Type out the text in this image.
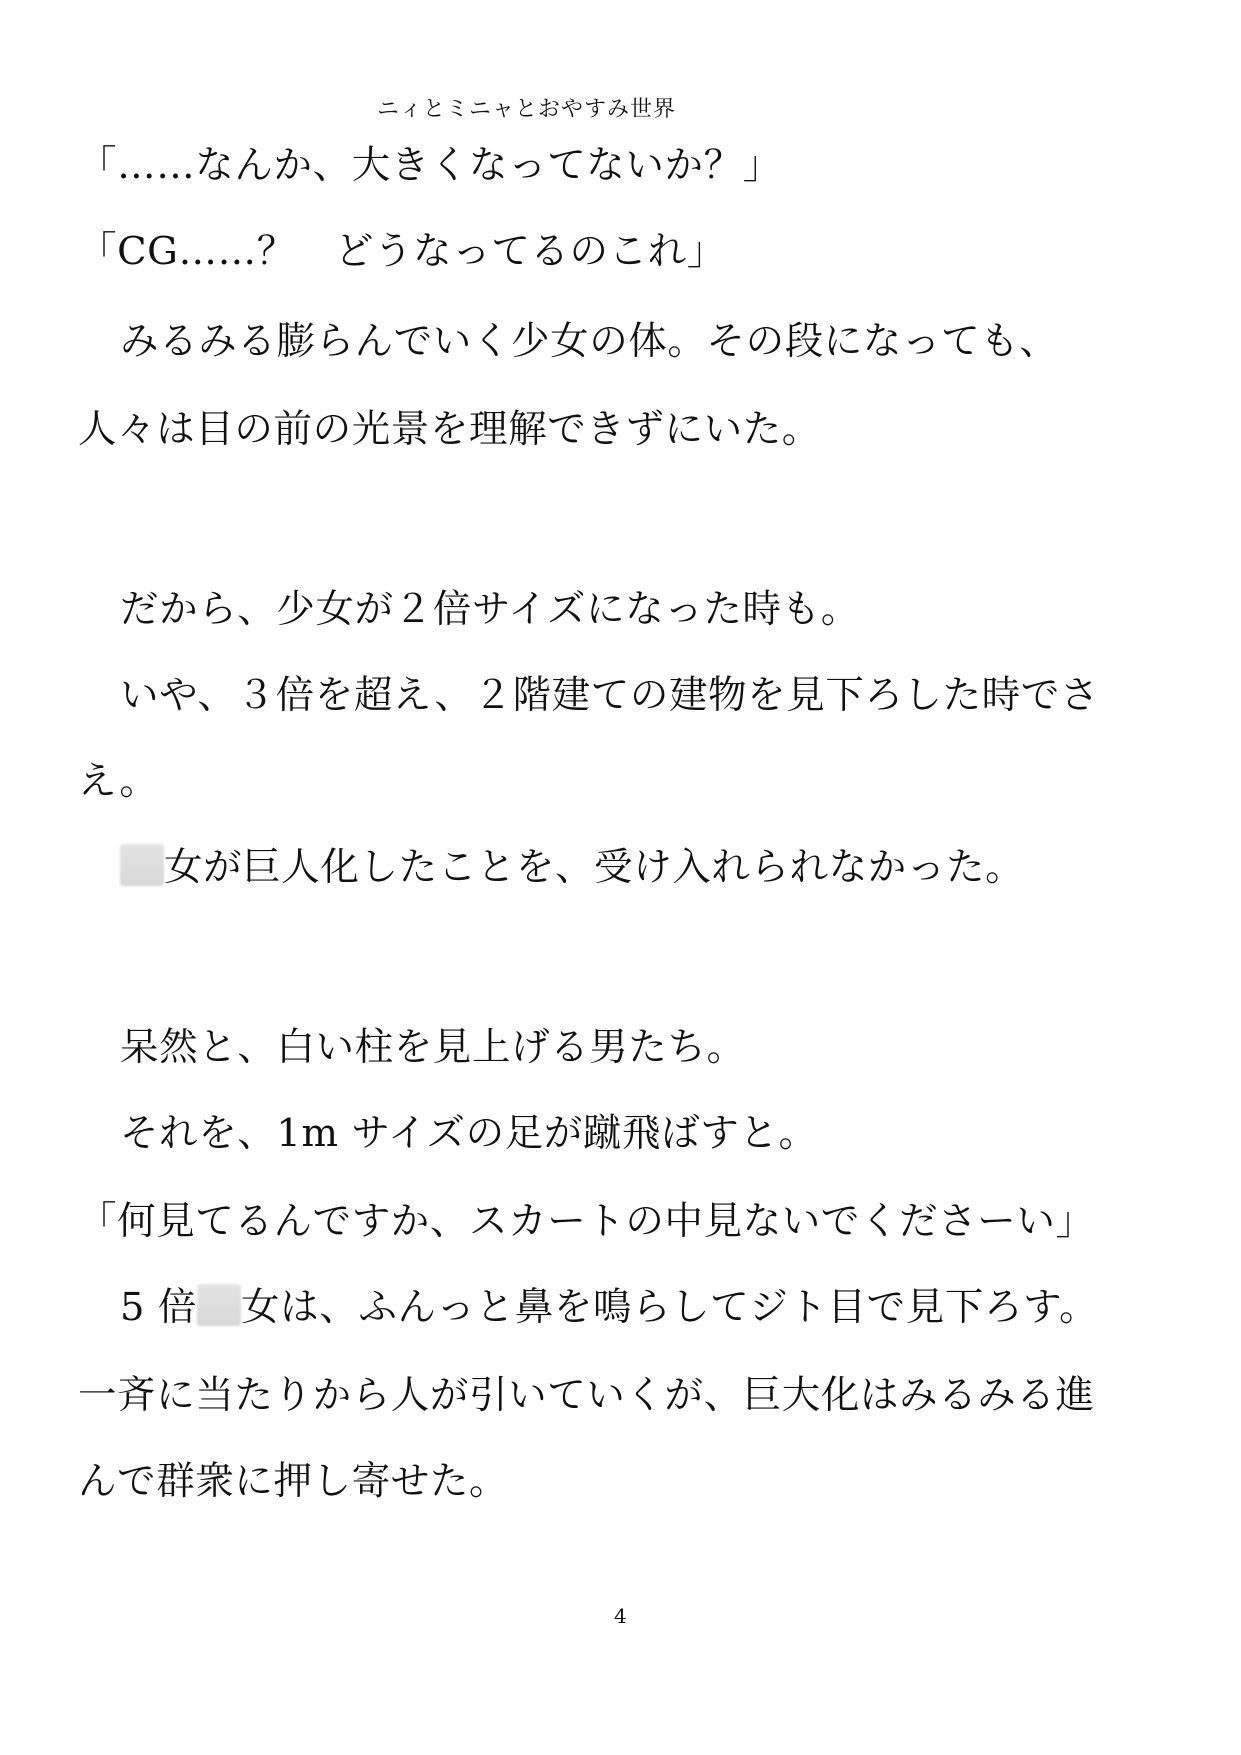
ニィとミニャとおやすみ世界
「……なんか、大きくなってないか？」
「CG……？　どうなってるのこれ」
みるみる膨らんでいく少女の体。その段になっても、
人々は目の前の光景を理解できずにいた。
だから、少女が２倍サイズになった時も。
いや、３倍を超え、２階建ての建物を見下ろした時でさ
え。
女が巨人化したことを、受け入れられなかった。
呆然と、白い柱を見上げる男たち。
それを、1m サイズの足が蹴飛ばすと。
「何見てるんですか、スカートの中見ないでくださーい」
5 倍 女は、ふんっと鼻を鳴らしてジト目で見下ろす。
一斉に当たりから人が引いていくが、巨大化はみるみる進
んで群衆に押し寄せた。
4
